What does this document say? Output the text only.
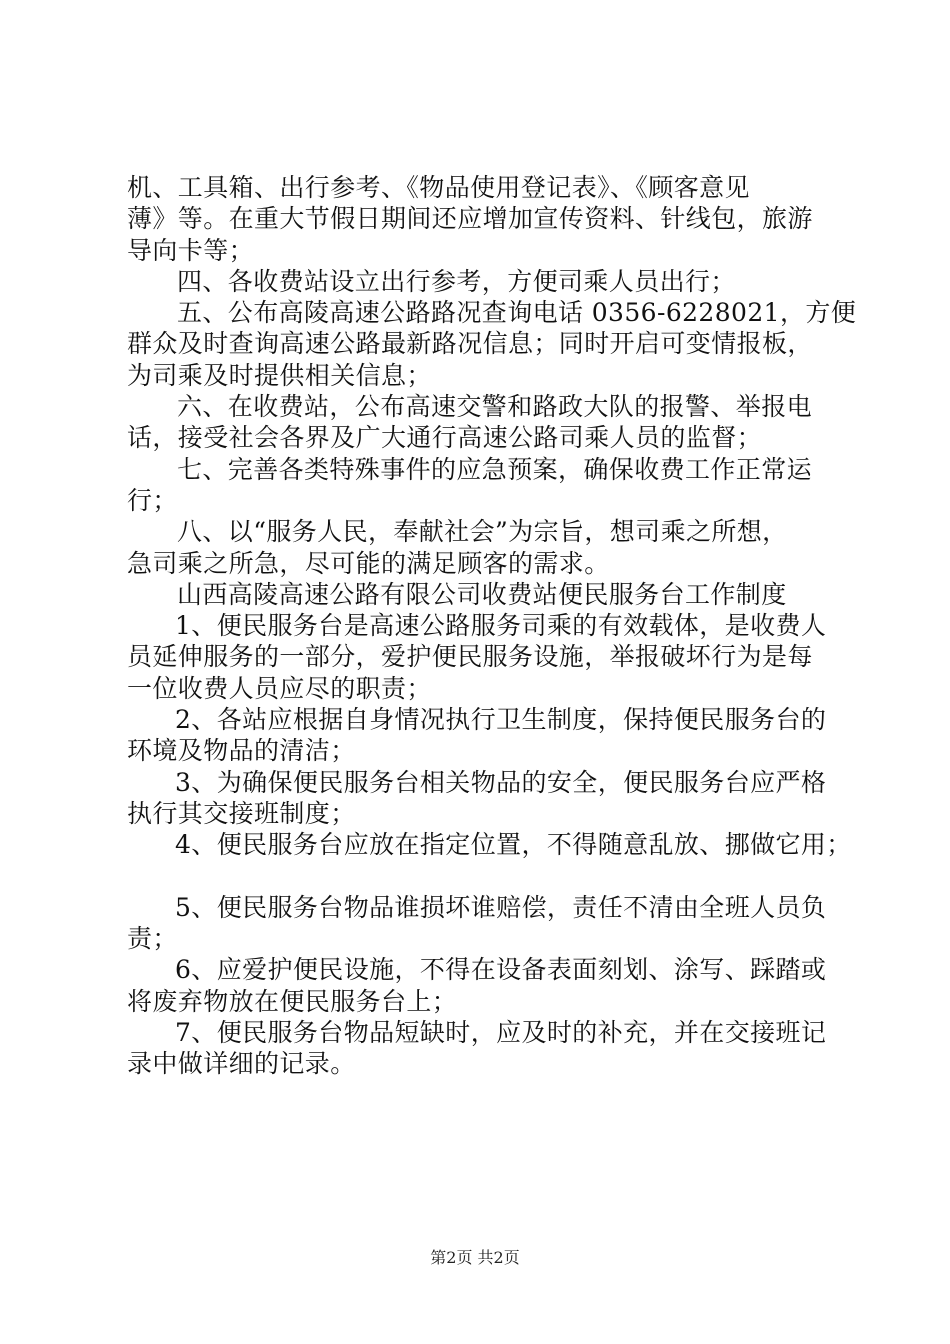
机、工具箱、出行参考、《物品使用登记表》、《顾客意见
薄》等。在重大节假日期间还应增加宣传资料、针线包，旅游
导向卡等；
四、各收费站设立出行参考，方便司乘人员出行；
五、公布高陵高速公路路况查询电话 0356-6228021，方便
群众及时查询高速公路最新路况信息；同时开启可变情报板，
为司乘及时提供相关信息；
六、在收费站，公布高速交警和路政大队的报警、举报电
话，接受社会各界及广大通行高速公路司乘人员的监督；
七、完善各类特殊事件的应急预案，确保收费工作正常运
行；
八、以“服务人民，奉献社会”为宗旨，想司乘之所想，
急司乘之所急，尽可能的满足顾客的需求。
山西高陵高速公路有限公司收费站便民服务台工作制度
1、便民服务台是高速公路服务司乘的有效载体，是收费人
员延伸服务的一部分，爱护便民服务设施，举报破坏行为是每
一位收费人员应尽的职责；
2、各站应根据自身情况执行卫生制度，保持便民服务台的
环境及物品的清洁；
3、为确保便民服务台相关物品的安全，便民服务台应严格
执行其交接班制度；
4、便民服务台应放在指定位置，不得随意乱放、挪做它用；
5、便民服务台物品谁损坏谁赔偿，责任不清由全班人员负
责；
6、应爱护便民设施，不得在设备表面刻划、涂写、踩踏或
将废弃物放在便民服务台上；
7、便民服务台物品短缺时，应及时的补充，并在交接班记
录中做详细的记录。
第2页 共2页
